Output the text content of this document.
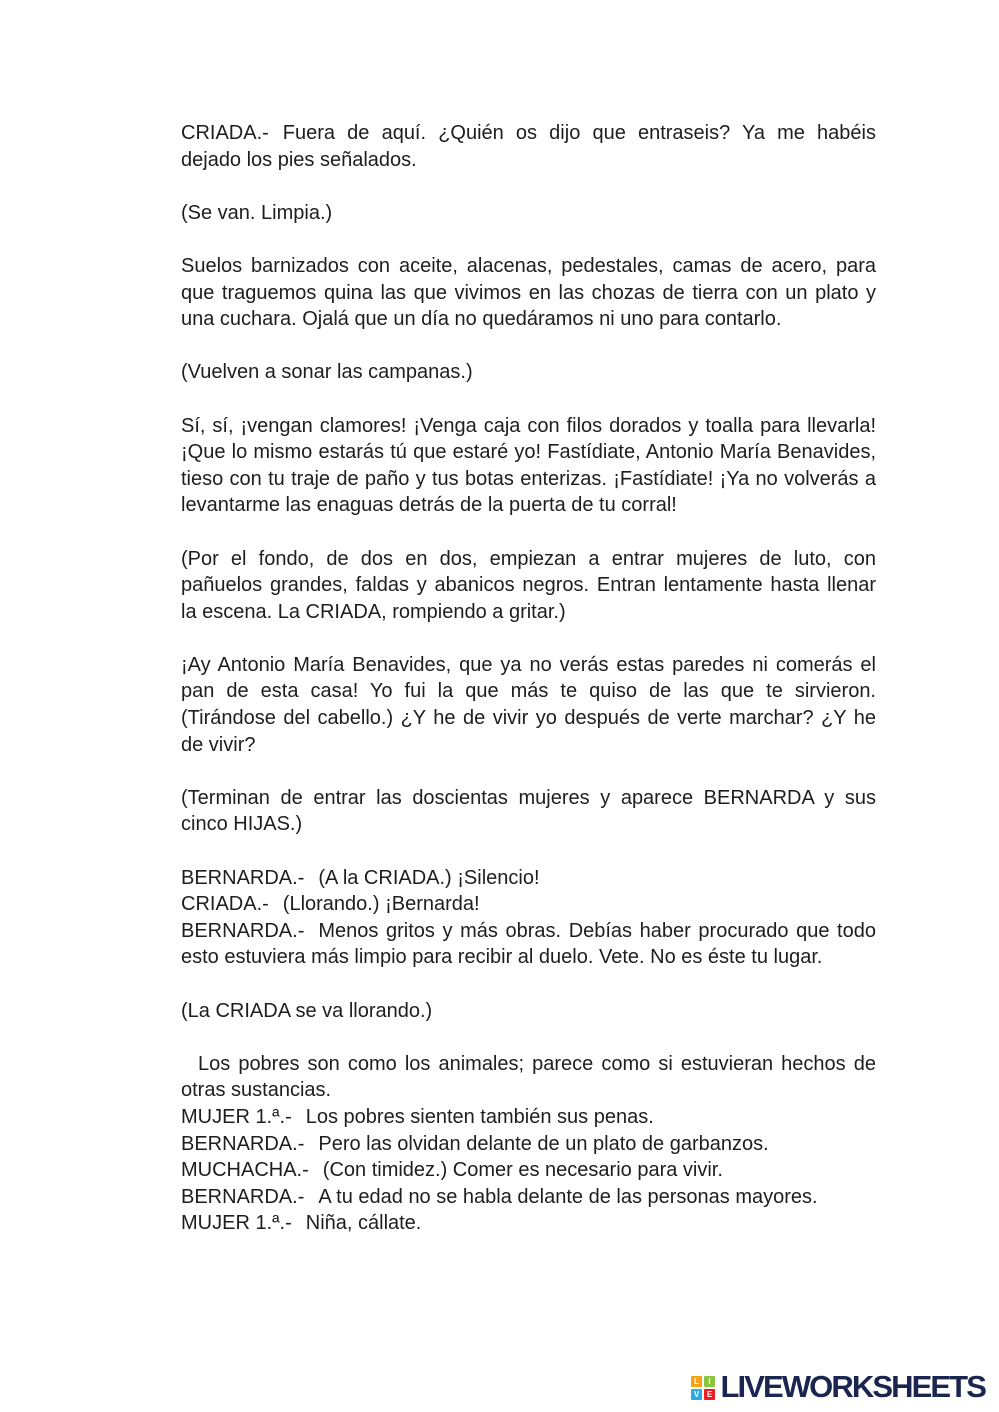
CRIADA.- Fuera de aquí. ¿Quién os dijo que entraseis? Ya me habéis
dejado los pies señalados.
(Se van. Limpia.)
Suelos barnizados con aceite, alacenas, pedestales, camas de acero, para
que traguemos quina las que vivimos en las chozas de tierra con un plato y
una cuchara. Ojalá que un día no quedáramos ni uno para contarlo.
(Vuelven a sonar las campanas.)
Sí, sí, ¡vengan clamores! ¡Venga caja con filos dorados y toalla para llevarla!
¡Que lo mismo estarás tú que estaré yo! Fastídiate, Antonio María Benavides,
tieso con tu traje de paño y tus botas enterizas. ¡Fastídiate! ¡Ya no volverás a
levantarme las enaguas detrás de la puerta de tu corral!
(Por el fondo, de dos en dos, empiezan a entrar mujeres de luto, con
pañuelos grandes, faldas y abanicos negros. Entran lentamente hasta llenar
la escena. La CRIADA, rompiendo a gritar.)
¡Ay Antonio María Benavides, que ya no verás estas paredes ni comerás el
pan de esta casa! Yo fui la que más te quiso de las que te sirvieron.
(Tirándose del cabello.) ¿Y he de vivir yo después de verte marchar? ¿Y he
de vivir?
(Terminan de entrar las doscientas mujeres y aparece BERNARDA y sus
cinco HIJAS.)
BERNARDA.- (A la CRIADA.) ¡Silencio!
CRIADA.- (Llorando.) ¡Bernarda!
BERNARDA.- Menos gritos y más obras. Debías haber procurado que todo
esto estuviera más limpio para recibir al duelo. Vete. No es éste tu lugar.
(La CRIADA se va llorando.)
Los pobres son como los animales; parece como si estuvieran hechos de
otras sustancias.
MUJER 1.ª.- Los pobres sienten también sus penas.
BERNARDA.- Pero las olvidan delante de un plato de garbanzos.
MUCHACHA.- (Con timidez.) Comer es necesario para vivir.
BERNARDA.- A tu edad no se habla delante de las personas mayores.
MUJER 1.ª.- Niña, cállate.
L	I
V E LIVEWORKSHEETS
